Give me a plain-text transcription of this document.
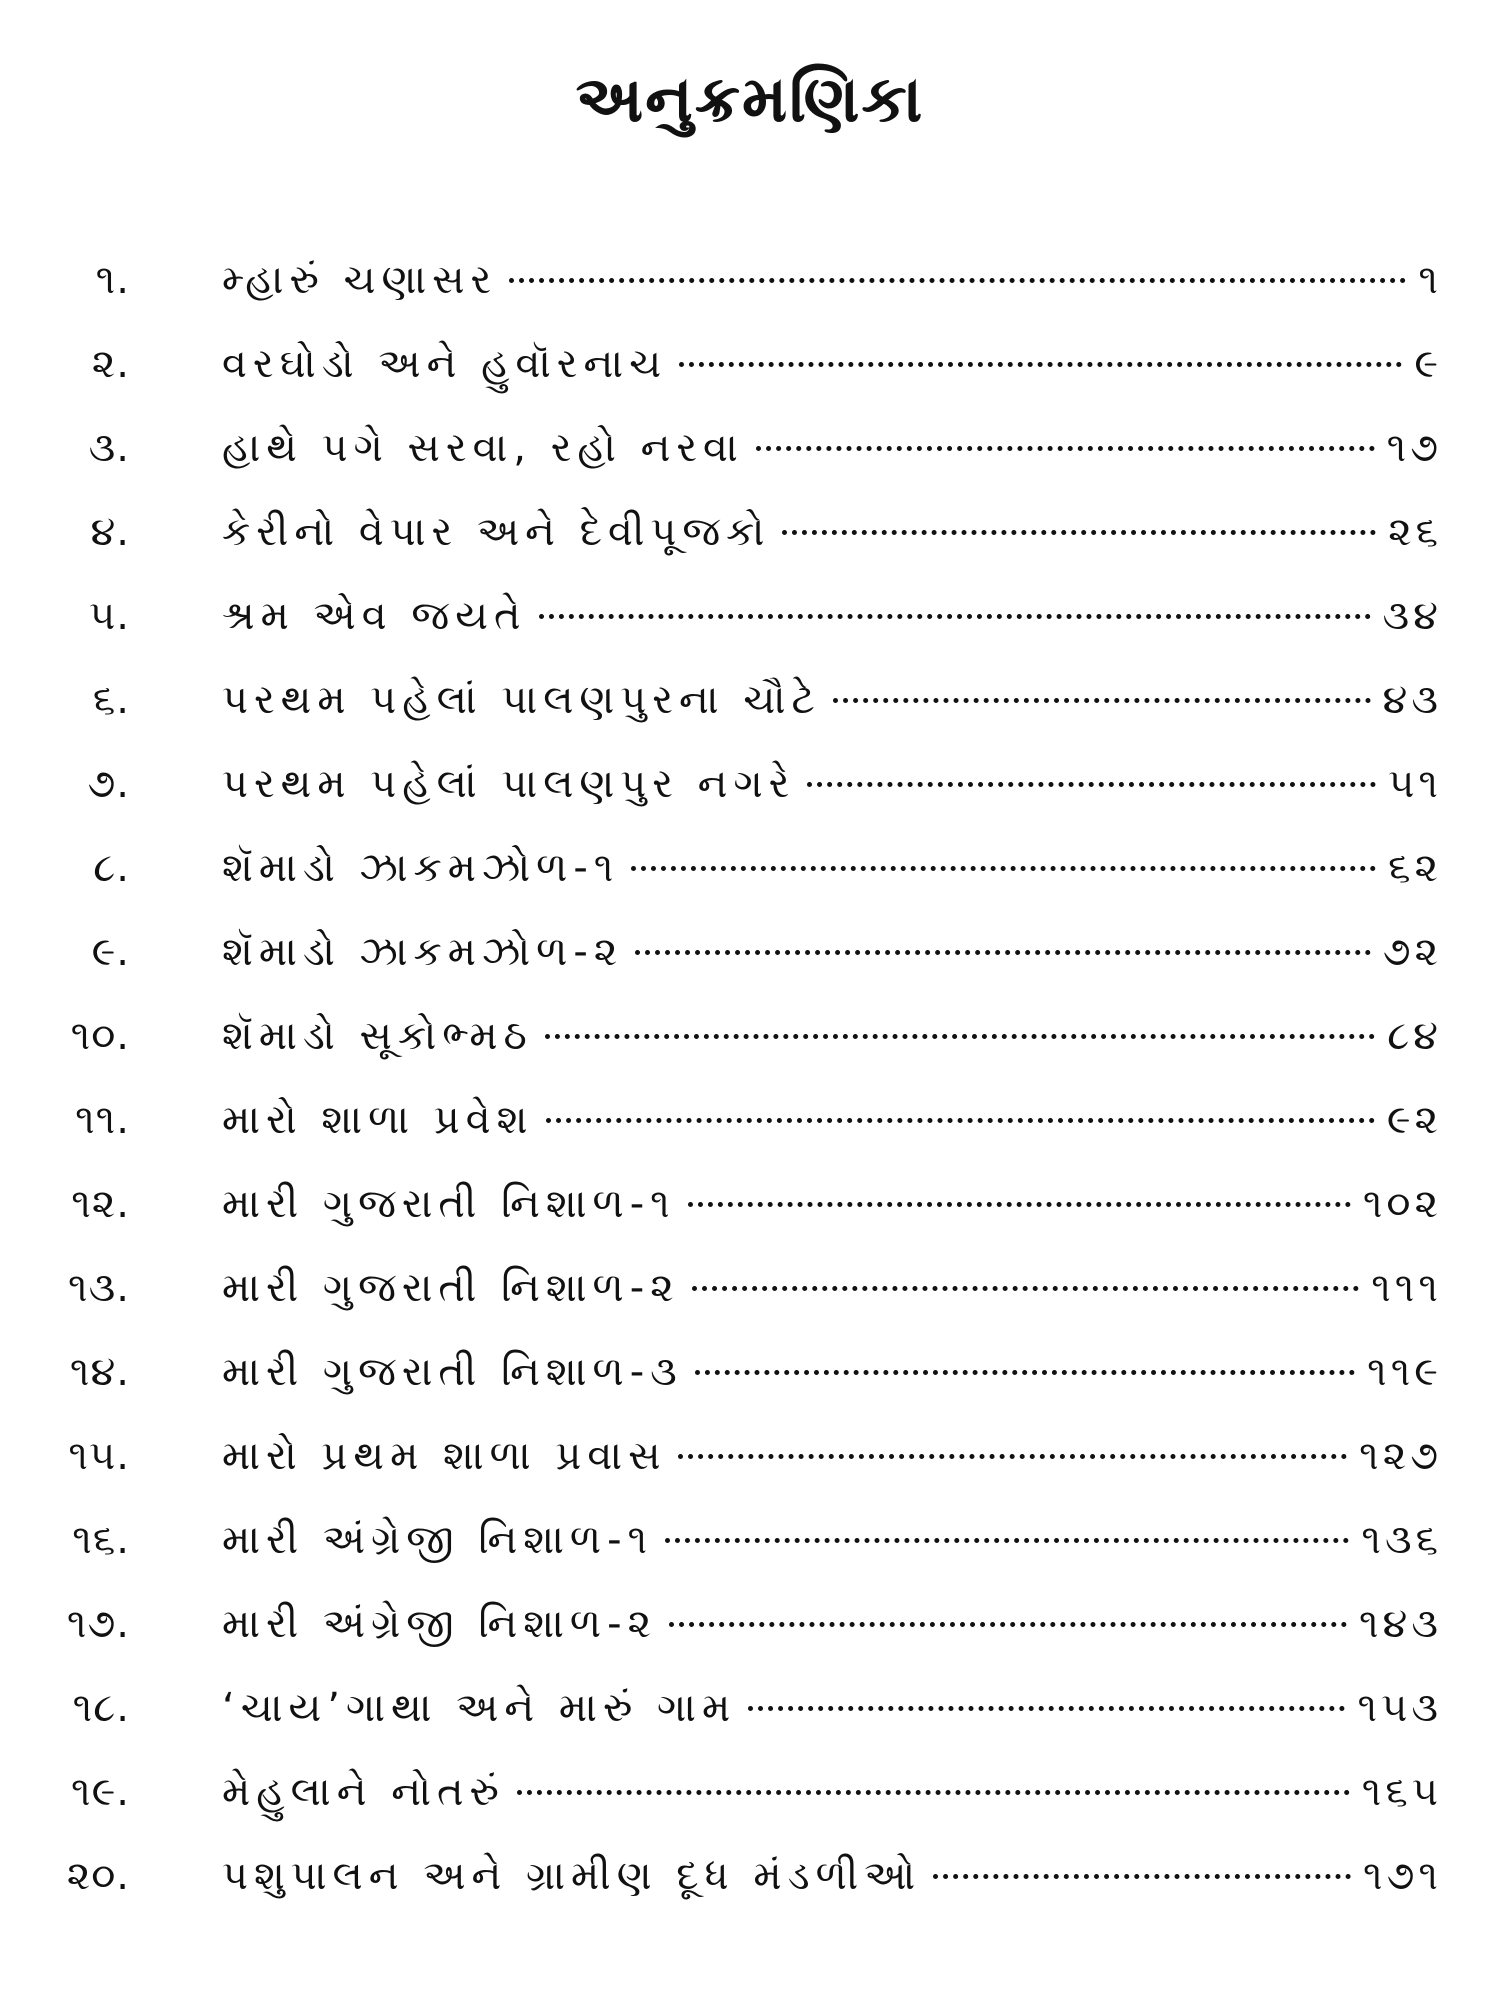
અનુક્રમણિકા
૧. મ્હારું ચણાસર	૧
૨. વરઘોડો અને હુવૉરનાચ	૯
૩. હાથે પગે સરવા, રહો નરવા	૧૭
૪. કેરીનો વેપાર અને દેવીપૂજકો	૨૬
૫. શ્રમ એવ જયતે	૩૪
૬. પરથમ પહેલાં પાલણપુરના ચૌટે	૪૩
૭. પરથમ પહેલાં પાલણપુર નગરે	૫૧
૮. શૅમાડો ઝાકમઝોળ-૧	૬૨
૯. શૅમાડો ઝાકમઝોળ-૨	૭૨
૧૦. શૅમાડો સૂકોભ્મઠ	૮૪
૧૧. મારો શાળા પ્રવેશ	૯૨
૧૨. મારી ગુજરાતી નિશાળ-૧	૧૦૨
૧૩. મારી ગુજરાતી નિશાળ-૨	૧૧૧
૧૪. મારી ગુજરાતી નિશાળ-૩	૧૧૯
૧૫. મારો પ્રથમ શાળા પ્રવાસ	૧૨૭
૧૬. મારી અંગ્રેજી નિશાળ-૧	૧૩૬
૧૭. મારી અંગ્રેજી નિશાળ-૨	૧૪૩
૧૮. ‘ચાય’ગાથા અને મારું ગામ	૧૫૩
૧૯. મેહુલાને નોતરું	૧૬૫
૨૦. પશુપાલન અને ગ્રામીણ દૂધ મંડળીઓ	૧૭૧
